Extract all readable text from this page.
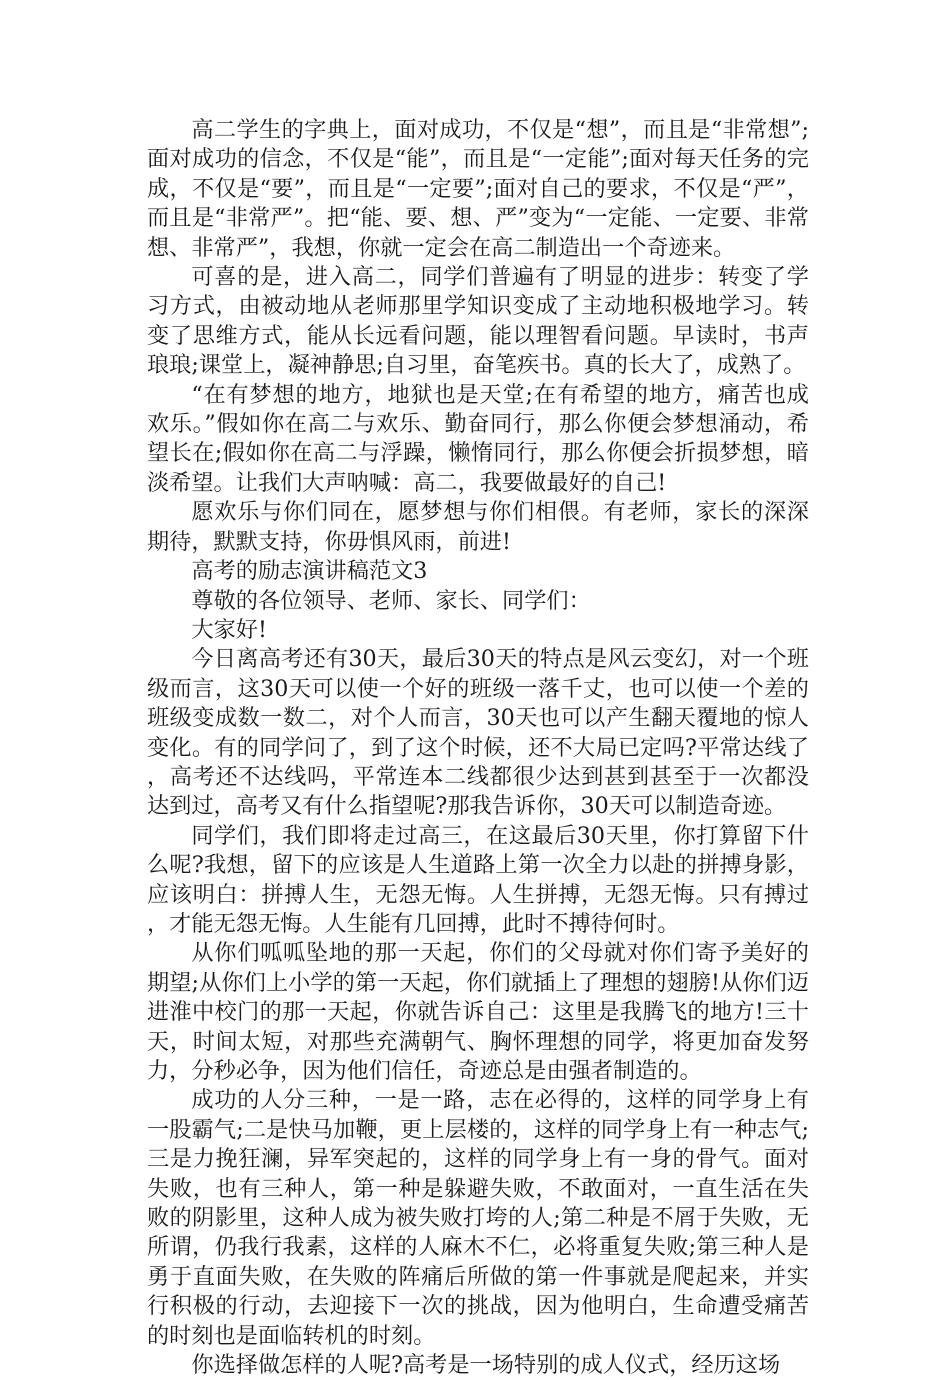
高二学生的字典上，面对成功，不仅是“想”，而且是“非常想”;面对成功的信念，不仅是“能”，而且是“一定能”;面对每天任务的完成，不仅是“要”，而且是“一定要”;面对自己的要求，不仅是“严”，而且是“非常严”。把“能、要、想、严”变为“一定能、一定要、非常想、非常严”，我想，你就一定会在高二制造出一个奇迹来。

可喜的是，进入高二，同学们普遍有了明显的进步：转变了学习方式，由被动地从老师那里学知识变成了主动地积极地学习。转变了思维方式，能从长远看问题，能以理智看问题。早读时，书声琅琅;课堂上，凝神静思;自习里，奋笔疾书。真的长大了，成熟了。

“在有梦想的地方，地狱也是天堂;在有希望的地方，痛苦也成欢乐。”假如你在高二与欢乐、勤奋同行，那么你便会梦想涌动，希望长在;假如你在高二与浮躁，懒惰同行，那么你便会折损梦想，暗淡希望。让我们大声呐喊：高二，我要做最好的自己!

愿欢乐与你们同在，愿梦想与你们相偎。有老师，家长的深深期待，默默支持，你毋惧风雨，前进!

高考的励志演讲稿范文3

尊敬的各位领导、老师、家长、同学们：

大家好!

今日离高考还有30天，最后30天的特点是风云变幻，对一个班级而言，这30天可以使一个好的班级一落千丈，也可以使一个差的班级变成数一数二，对个人而言，30天也可以产生翻天覆地的惊人变化。有的同学问了，到了这个时候，还不大局已定吗?平常达线了，高考还不达线吗，平常连本二线都很少达到甚到甚至于一次都没达到过，高考又有什么指望呢?那我告诉你，30天可以制造奇迹。

同学们，我们即将走过高三，在这最后30天里，你打算留下什么呢?我想，留下的应该是人生道路上第一次全力以赴的拼搏身影，应该明白：拼搏人生，无怨无悔。人生拼搏，无怨无悔。只有搏过，才能无怨无悔。人生能有几回搏，此时不搏待何时。

从你们呱呱坠地的那一天起，你们的父母就对你们寄予美好的期望;从你们上小学的第一天起，你们就插上了理想的翅膀!从你们迈进淮中校门的那一天起，你就告诉自己：这里是我腾飞的地方!三十天，时间太短，对那些充满朝气、胸怀理想的同学，将更加奋发努力，分秒必争，因为他们信任，奇迹总是由强者制造的。

成功的人分三种，一是一路，志在必得的，这样的同学身上有一股霸气;二是快马加鞭，更上层楼的，这样的同学身上有一种志气;三是力挽狂澜，异军突起的，这样的同学身上有一身的骨气。面对失败，也有三种人，第一种是躲避失败，不敢面对，一直生活在失败的阴影里，这种人成为被失败打垮的人;第二种是不屑于失败，无所谓，仍我行我素，这样的人麻木不仁，必将重复失败;第三种人是勇于直面失败，在失败的阵痛后所做的第一件事就是爬起来，并实行积极的行动，去迎接下一次的挑战，因为他明白，生命遭受痛苦的时刻也是面临转机的时刻。

你选择做怎样的人呢?高考是一场特别的成人仪式，经历这场
